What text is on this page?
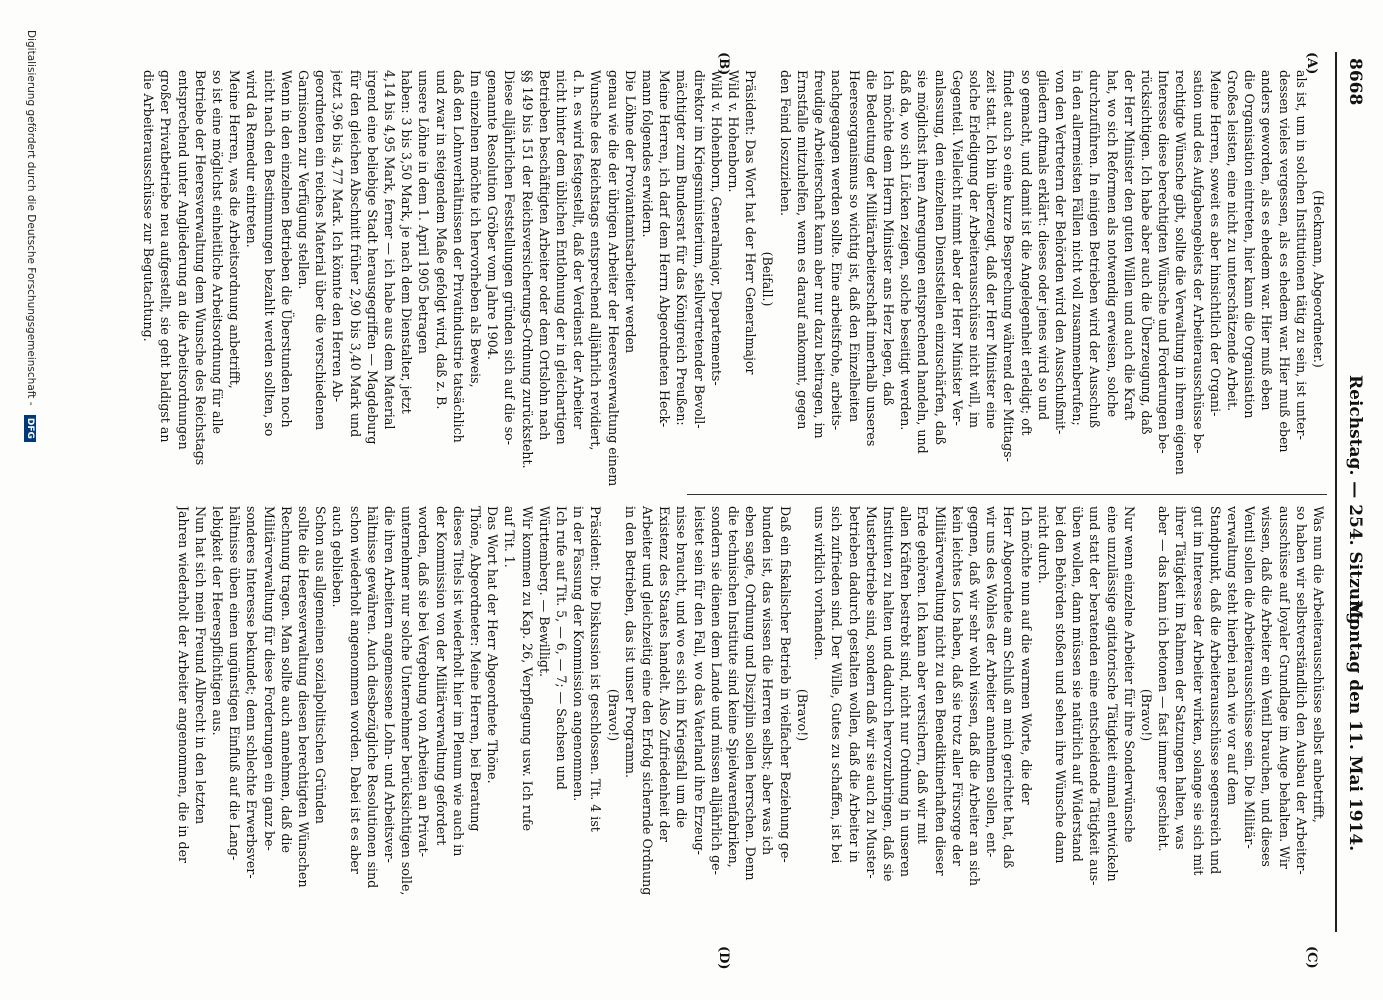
8668
Reichstag. — 254. Sitzung.
Montag den 11. Mai 1914.
(A)
(B)
(C)
(D)
(Heckmann, Abgeordneter.)
als ist, um in solchen Institutionen tätig zu sein, ist unter-
dessen vieles vergessen, als es ehedem war. Hier muß eben
anders geworden, als es ehedem war. Hier muß eben
die Organisation eintreten, hier kann die Organisation
Großes leisten, eine nicht zu unterschätzende Arbeit.
Meine Herren, soweit es aber hinsichtlich der Organi-
sation und des Aufgabengebiets der Arbeiterausschüsse be-
rechtigte Wünsche gibt, sollte die Verwaltung in ihrem eigenen
Interesse diese berechtigten Wünsche und Forderungen be-
rücksichtigen. Ich habe aber auch die Überzeugung, daß
der Herr Minister den guten Willen und auch die Kraft
hat, wo sich Reformen als notwendig erweisen, solche
durchzuführen. In einigen Betrieben wird der Ausschuß
in den allermeisten Fällen nicht voll zusammenberufen;
von den Vertretern der Behörden wird den Ausschußmit-
gliedern oftmals erklärt: dieses oder jenes wird so und
so gemacht, und damit ist die Angelegenheit erledigt; oft
findet auch so eine kurze Besprechung während der Mittags-
zeit statt. Ich bin überzeugt, daß der Herr Minister eine
solche Erledigung der Arbeiterausschüsse nicht will, im
Gegenteil. Vielleicht nimmt aber der Herr Minister Ver-
anlassung, den einzelnen Dienststellen einzuschärfen, daß
sie möglichst ihren Anregungen entsprechend handeln, und
daß da, wo sich Lücken zeigen, solche beseitigt werden.
Ich möchte dem Herrn Minister ans Herz legen, daß
die Bedeutung der Militärarbeiterschaft innerhalb unseres
Heeresorganismus so wichtig ist, daß den Einzelheiten
nachgegangen werden sollte. Eine arbeitsfrohe, arbeits-
freudige Arbeiterschaft kann aber nur dazu beitragen, im
Ernstfalle mitzuhelfen, wenn es darauf ankommt, gegen
den Feind loszuziehen.
(Beifall.)
Präsident: Das Wort hat der Herr Generalmajor
Wild v. Hohenborn.
Wild v. Hohenborn, Generalmajor, Departements-
direktor im Kriegsministerium, stellvertretender Bevoll-
mächtigter zum Bundesrat für das Königreich Preußen:
Meine Herren, ich darf dem Herrn Abgeordneten Heck-
mann folgendes erwidern.
Die Löhne der Proviantamtsarbeiter werden
genau wie die der übrigen Arbeiter der Heeresverwaltung einem
Wunsche des Reichstags entsprechend alljährlich revidiert,
d. h. es wird festgestellt, daß der Verdienst der Arbeiter
nicht hinter dem üblichen Entlohnung der in gleichartigen
Betrieben beschäftigten Arbeiter oder dem Ortslohn nach
§§ 149 bis 151 der Reichsversicherungs-Ordnung zurücksteht.
Diese alljährlichen Feststellungen gründen sich auf die so-
genannte Resolution Gröber vom Jahre 1904.
Im einzelnen möchte ich hervorheben als Beweis,
daß den Lohnverhältnissen der Privatindustrie tatsächlich
und zwar in steigendem Maße gefolgt wird, daß z. B.
unsere Löhne in dem 1. April 1905 betragen
haben: 3 bis 3,50 Mark, je nach dem Dienstalter, jetzt
4,14 bis 4,95 Mark, ferner — ich habe aus dem Material
irgend eine beliebige Stadt herausgegriffen — Magdeburg
für den gleichen Abschnitt früher 2,90 bis 3,40 Mark und
jetzt 3,96 bis 4,77 Mark. Ich könnte den Herren Ab-
geordneten ein reiches Material über die verschiedenen
Garnisonen zur Verfügung stellen.
Wenn in den einzelnen Betrieben die Überstunden noch
nicht nach den Bestimmungen bezahlt werden sollten, so
wird da Remedur eintreten.
Meine Herren, was die Arbeitsordnung anbetrifft,
so ist eine möglichst einheitliche Arbeitsordnung für alle
Betriebe der Heeresverwaltung dem Wunsche des Reichstags
entsprechend unter Angliederung an die Arbeitsordnungen
großer Privatbetriebe neu aufgestellt, sie geht baldigst an
die Arbeiterausschüsse zur Begutachtung.
Was nun die Arbeiterausschüsse selbst anbetrifft,
so haben wir selbstverständlich den Ausbau der Arbeiter-
ausschüsse auf loyaler Grundlage im Auge behalten. Wir
wissen, daß die Arbeiter ein Ventil brauchen, und dieses
Ventil sollen die Arbeiterausschüsse sein. Die Militär-
verwaltung steht hierbei nach wie vor auf dem
Standpunkt, daß die Arbeiterausschüsse segensreich und
gut im Interesse der Arbeiter wirken, solange sie sich mit
ihrer Tätigkeit im Rahmen der Satzungen halten, was
aber — das kann ich betonen — fast immer geschieht.
(Bravo!)
Nur wenn einzelne Arbeiter für ihre Sonderwünsche
eine unzulässige agitatorische Tätigkeit einmal entwickeln
und statt der beratenden eine entscheidende Tätigkeit aus-
üben wollen, dann müssen sie natürlich auf Widerstand
bei den Behörden stoßen und sehen ihre Wünsche dann
nicht durch.
Ich möchte nun auf die warmen Worte, die der
Herr Abgeordnete am Schluß an mich gerichtet hat, daß
wir uns des Wohles der Arbeiter annehmen sollen, ent-
gegnen, daß wir sehr wohl wissen, daß die Arbeiter an sich
kein leichtes Los haben, daß sie trotz aller Fürsorge der
Militärverwaltung nicht zu den Benediktinerhaften dieser
Erde gehören. Ich kann aber versichern, daß wir mit
allen Kräften bestrebt sind, nicht nur Ordnung in unseren
Instituten zu halten und dadurch hervorzubringen, daß sie
Musterbetriebe sind, sondern daß wir sie auch zu Muster-
betrieben dadurch gestalten wollen, daß die Arbeiter in
sich zufrieden sind. Der Wille, Gutes zu schaffen, ist bei
uns wirklich vorhanden.
(Bravo!)
Daß ein fiskalischer Betrieb in vielfacher Beziehung ge-
bunden ist, das wissen die Herren selbst; aber was ich
eben sagte, Ordnung und Disziplin sollen herrschen. Denn
die technischen Institute sind keine Spielwarenfabriken,
sondern sie dienen dem Lande und müssen alljährlich ge-
leistet sein für den Fall, wo das Vaterland ihre Erzeug-
nisse braucht, und wo es sich im Kriegsfall um die
Existenz des Staates handelt. Also Zufriedenheit der
Arbeiter und gleichzeitig eine den Erfolg sichernde Ordnung
in den Betrieben, das ist unser Programm.
(Bravo!)
Präsident: Die Diskussion ist geschlossen. Tit. 4 ist
in der Fassung der Kommission angenommen.
Ich rufe auf Tit. 5, — 6, — 7; — Sachsen und
Württemberg. — Bewilligt.
Wir kommen zu Kap. 26, Verpflegung usw. Ich rufe
auf Tit. 1.
Das Wort hat der Herr Abgeordnete Thöne.
Thöne, Abgeordneter: Meine Herren, bei Beratung
dieses Titels ist wiederholt hier im Plenum wie auch in
der Kommission von der Militärverwaltung gefordert
worden, daß sie bei Vergebung von Arbeiten an Privat-
unternehmer nur solche Unternehmer berücksichtigen solle,
die ihren Arbeitern angemessene Lohn- und Arbeitsver-
hältnisse gewähren. Auch diesbezügliche Resolutionen sind
schon wiederholt angenommen worden. Dabei ist es aber
auch geblieben.
Schon aus allgemeinen sozialpolitischen Gründen
sollte die Heeresverwaltung diesen berechtigten Wünschen
Rechnung tragen. Man sollte auch annehmen, daß die
Militärverwaltung für diese Forderungen ein ganz be-
sonderes Interesse bekundet; denn schlechte Erwerbsver-
hältnisse üben einen ungünstigen Einfluß auf die Lang-
lebigkeit der Heerespflichtigen aus.
Nun hat sich mein Freund Albrecht in den letzten
Jahren wiederholt der Arbeiter angenommen, die in der
Digitalisierung gefördert durch die Deutsche Forschungsgemeinschaft - DFG
